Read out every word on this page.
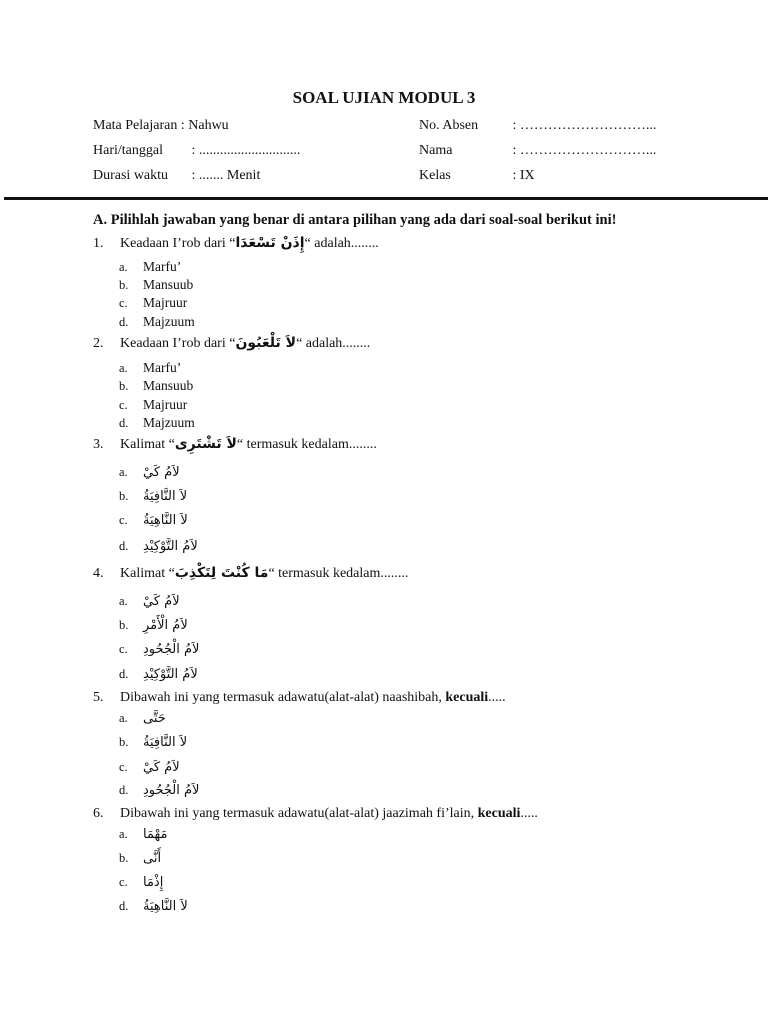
SOAL UJIAN MODUL 3
Mata Pelajaran : Nahwu
Hari/tanggal : .............................
Durasi waktu : ....... Menit
No. Absen : ………………………...
Nama	: ………………………...
Kelas	: IX
A. Pilihlah jawaban yang benar di antara pilihan yang ada dari soal-soal berikut ini!
1. Keadaan I’rob dari “إِذَنْ تَسْعَدَا“ adalah........
a. Marfu’
b. Mansuub
c. Majruur
d. Majzuum
2. Keadaan I’rob dari “لاَ تَلْعَبُونَ“ adalah........
a. Marfu’
b. Mansuub
c. Majruur
d. Majzuum
3. Kalimat “لاَ تَشْتَرِى“ termasuk kedalam........
a. لاَمُ كَيْ
b. لاَ النَّافِيَةُ
c. لاَ النَّاهِيَةُ
d. لاَمُ التَّوْكِيْدِ
4. Kalimat “مَا كُنْتَ لِتَكْذِبَ“ termasuk kedalam........
a. لاَمُ كَيْ
b. لاَمُ الْأَمْرِ
c. لاَمُ الْجُحُودِ
d. لاَمُ التَّوْكِيْدِ
5. Dibawah ini yang termasuk adawatu(alat-alat) naashibah, kecuali.....
a. حَتَّى
b. لاَ النَّافِيَةُ
c. لاَمُ كَيْ
d. لاَمُ الْجُحُودِ
6. Dibawah ini yang termasuk adawatu(alat-alat) jaazimah fi’lain, kecuali.....
a. مَهْمَا
b. أَنَّى
c. إِذْمَا
d. لاَ النَّاهِيَةُ
